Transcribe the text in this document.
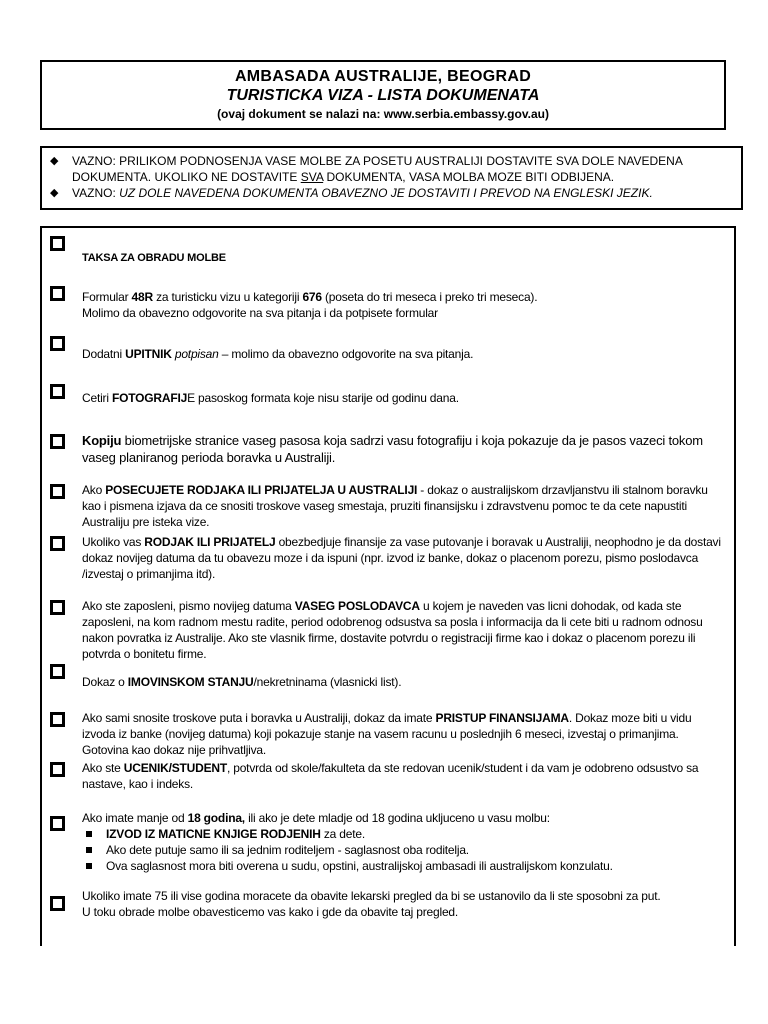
AMBASADA AUSTRALIJE, BEOGRAD
TURISTICKA VIZA - LISTA DOKUMENATA
(ovaj dokument se nalazi na: www.serbia.embassy.gov.au)
◆ VAZNO: PRILIKOM PODNOSENJA VASE MOLBE ZA POSETU AUSTRALIJI DOSTAVITE SVA DOLE NAVEDENA DOKUMENTA. UKOLIKO NE DOSTAVITE SVA DOKUMENTA, VASA MOLBA MOZE BITI ODBIJENA.
◆ VAZNO: UZ DOLE NAVEDENA DOKUMENTA OBAVEZNO JE DOSTAVITI I PREVOD NA ENGLESKI JEZIK.
TAKSA ZA OBRADU MOLBE
Formular 48R za turisticku vizu u kategoriji 676 (poseta do tri meseca i preko tri meseca).
Molimo da obavezno odgovorite na sva pitanja i da potpisete formular
Dodatni UPITNIK potpisan – molimo da obavezno odgovorite na sva pitanja.
Cetiri FOTOGRAFIJE pasoskog formata koje nisu starije od godinu dana.
Kopiju biometrijske stranice vaseg pasosa koja sadrzi vasu fotografiju i koja pokazuje da je pasos vazeci tokom vaseg planiranog perioda boravka u Australiji.
Ako POSECUJETE RODJAKA ILI PRIJATELJA U AUSTRALIJI - dokaz o australijskom drzavljanstvu ili stalnom boravku kao i pismena izjava da ce snositi troskove vaseg smestaja, pruziti finansijsku i zdravstvenu pomoc te da cete napustiti Australiju pre isteka vize.
Ukoliko vas RODJAK ILI PRIJATELJ obezbedjuje finansije za vase putovanje i boravak u Australiji, neophodno je da dostavi dokaz novijeg datuma da tu obavezu moze i da ispuni (npr. izvod iz banke, dokaz o placenom porezu, pismo poslodavca /izvestaj o primanjima itd).
Ako ste zaposleni, pismo novijeg datuma VASEG POSLODAVCA u kojem je naveden vas licni dohodak, od kada ste zaposleni, na kom radnom mestu radite, period odobrenog odsustva sa posla i informacija da li cete biti u radnom odnosu nakon povratka iz Australije. Ako ste vlasnik firme, dostavite potvrdu o registraciji firme kao i dokaz o placenom porezu ili potvrda o bonitetu firme.
Dokaz o IMOVINSKOM STANJU/nekretninama (vlasnicki list).
Ako sami snosite troskove puta i boravka u Australiji, dokaz da imate PRISTUP FINANSIJAMA. Dokaz moze biti u vidu izvoda iz banke (novijeg datuma) koji pokazuje stanje na vasem racunu u poslednjih 6 meseci, izvestaj o primanjima. Gotovina kao dokaz nije prihvatljiva.
Ako ste UCENIK/STUDENT, potvrda od skole/fakulteta da ste redovan ucenik/student i da vam je odobreno odsustvo sa nastave, kao i indeks.
Ako imate manje od 18 godina, ili ako je dete mladje od 18 godina ukljuceno u vasu molbu:
IZVOD IZ MATICNE KNJIGE RODJENIH za dete.
Ako dete putuje samo ili sa jednim roditeljem - saglasnost oba roditelja.
Ova saglasnost mora biti overena u sudu, opstini, australijskoj ambasadi ili australijskom konzulatu.
Ukoliko imate 75 ili vise godina moracete da obavite lekarski pregled da bi se ustanovilo da li ste sposobni za put.
U toku obrade molbe obavesticemo vas kako i gde da obavite taj pregled.
